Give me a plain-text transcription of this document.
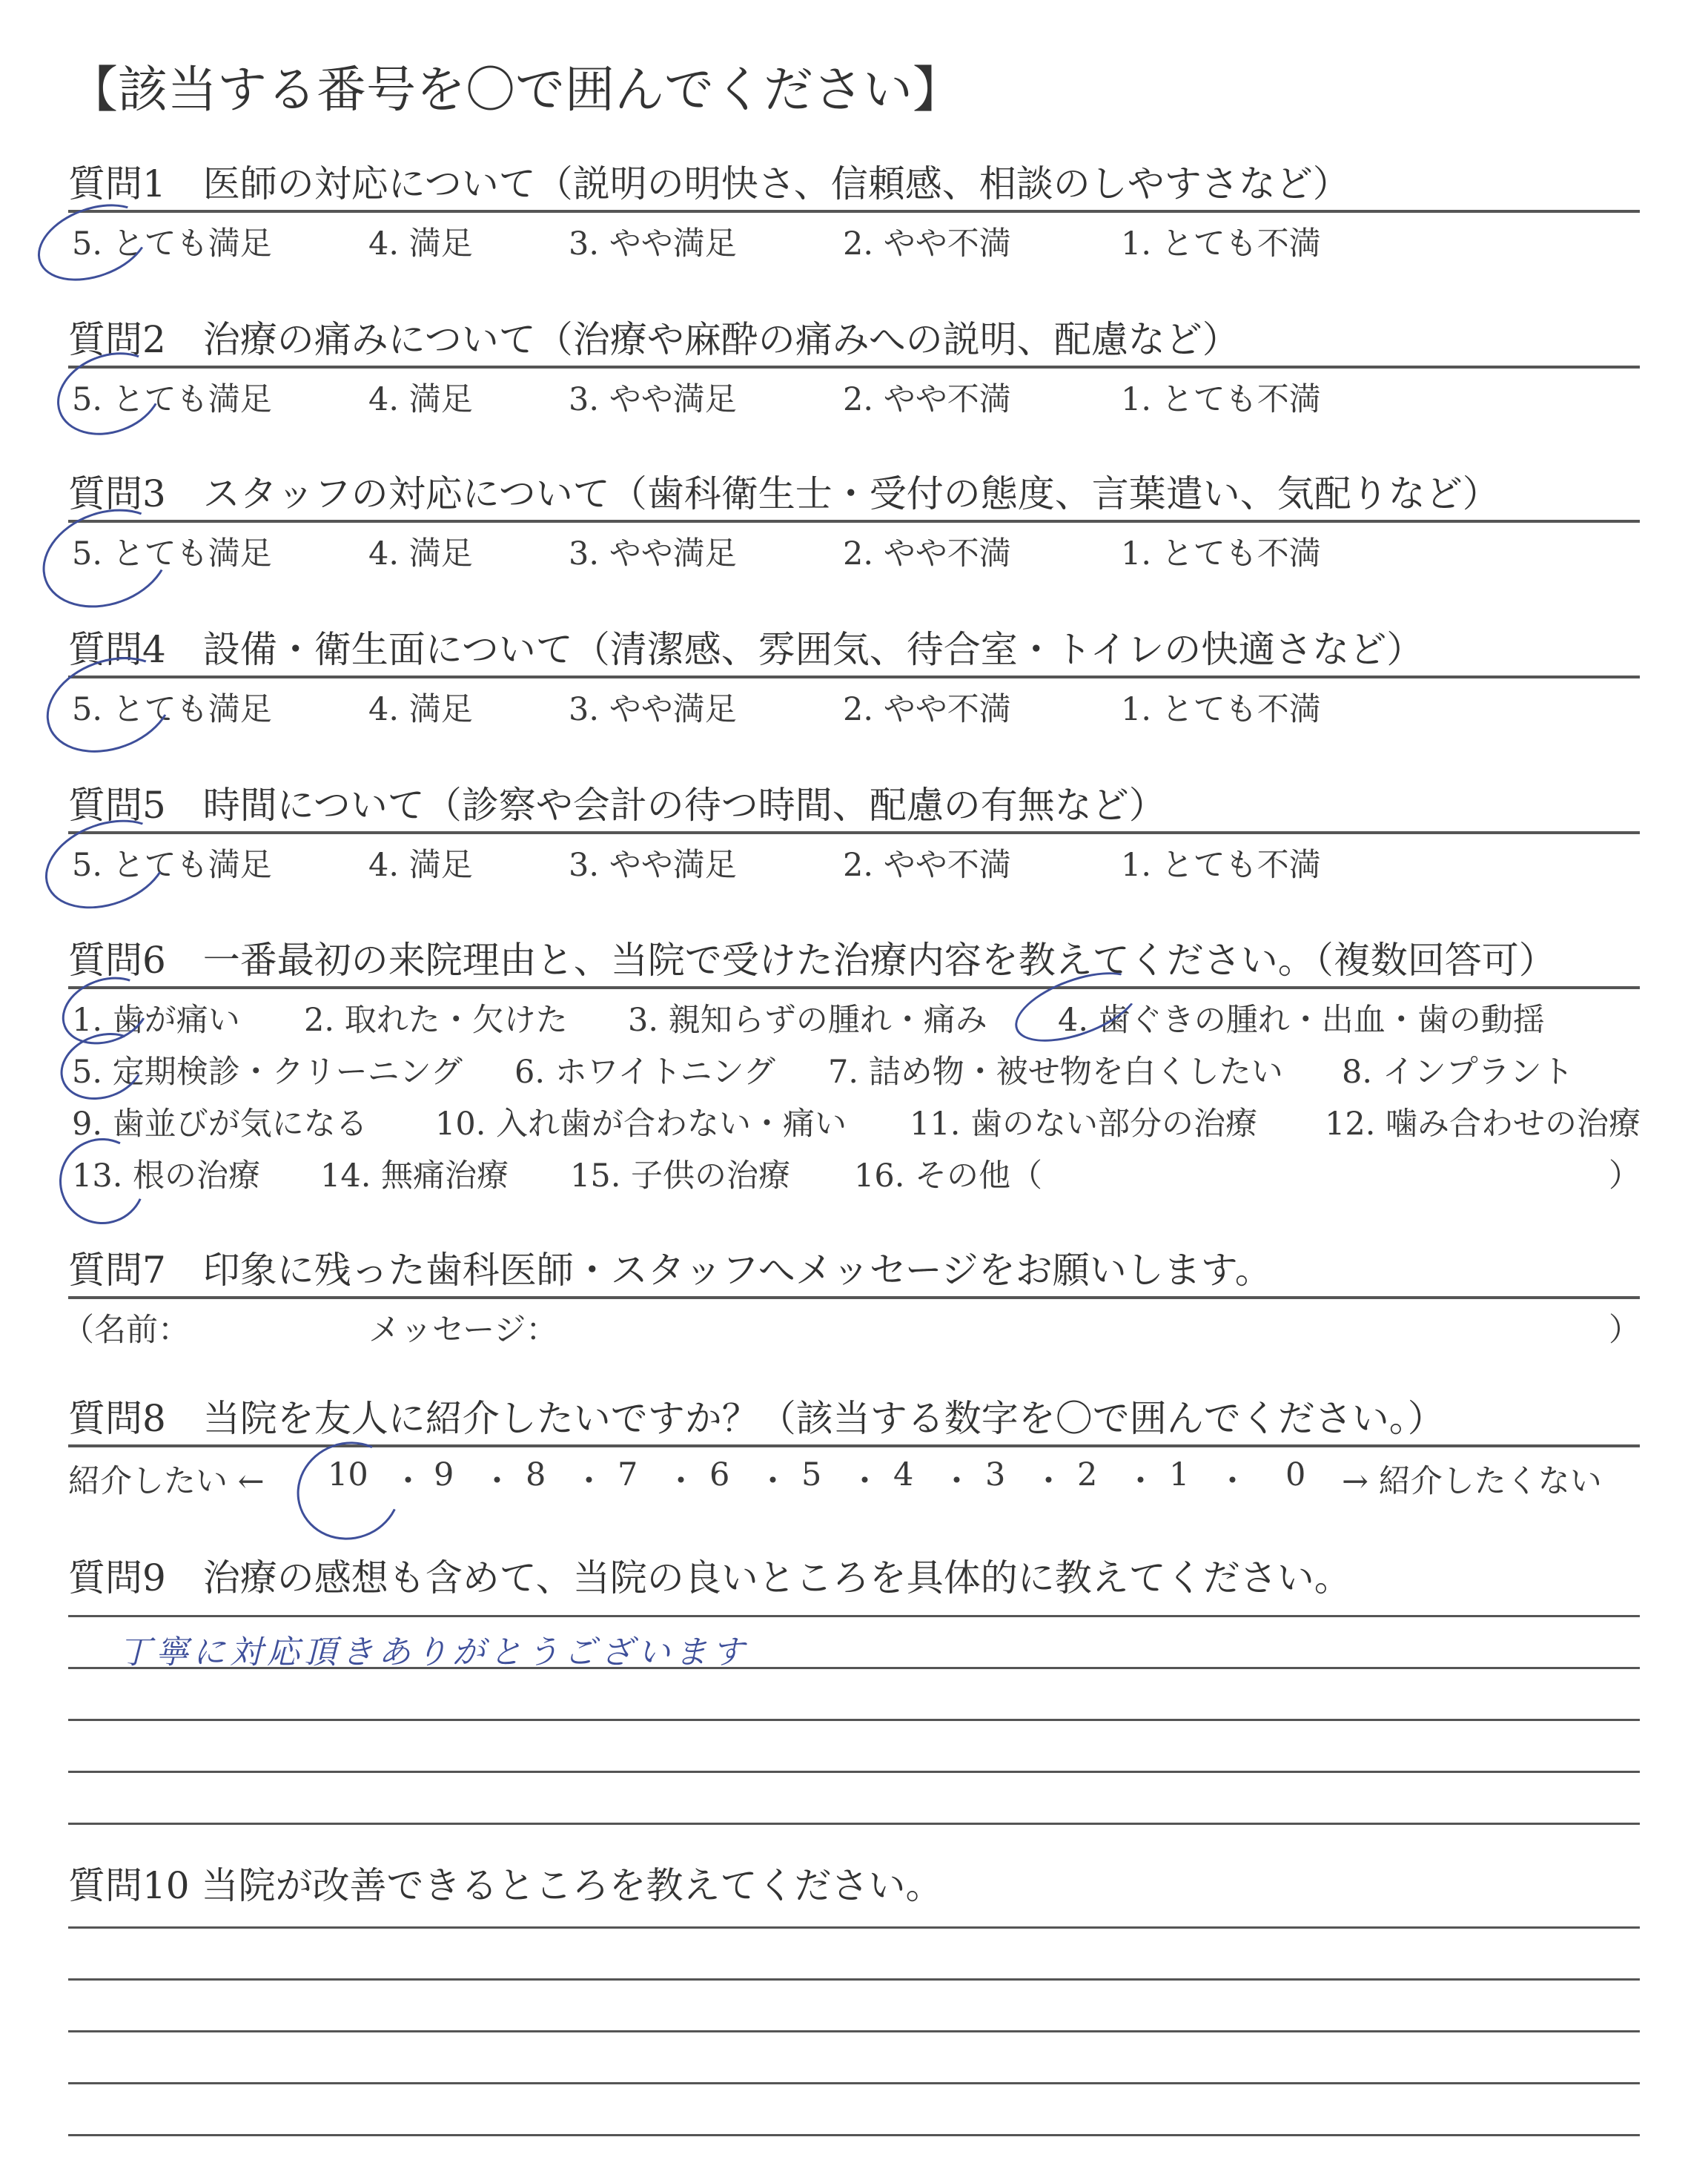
【該当する番号を〇で囲んでください】
質問1　医師の対応について（説明の明快さ、信頼感、相談のしやすさなど）
5. とても満足	4. 満足	3. やや満足	2. やや不満	1. とても不満
質問2　治療の痛みについて（治療や麻酔の痛みへの説明、配慮など）
5. とても満足	4. 満足	3. やや満足	2. やや不満	1. とても不満
質問3　スタッフの対応について（歯科衛生士・受付の態度、言葉遣い、気配りなど）
5. とても満足	4. 満足	3. やや満足	2. やや不満	1. とても不満
質問4　設備・衛生面について（清潔感、雰囲気、待合室・トイレの快適さなど）
5. とても満足	4. 満足	3. やや満足	2. やや不満	1. とても不満
質問5　時間について（診察や会計の待つ時間、配慮の有無など）
5. とても満足	4. 満足	3. やや満足	2. やや不満	1. とても不満
質問6　一番最初の来院理由と、当院で受けた治療内容を教えてください。（複数回答可）
1. 歯が痛い 2. 取れた・欠けた 3. 親知らずの腫れ・痛み 4. 歯ぐきの腫れ・出血・歯の動揺
5. 定期検診・クリーニング 6. ホワイトニング 7. 詰め物・被せ物を白くしたい 8. インプラント
9. 歯並びが気になる 10. 入れ歯が合わない・痛い 11. 歯のない部分の治療 12. 噛み合わせの治療
13. 根の治療 14. 無痛治療 15. 子供の治療 16. その他（	）
質問7　印象に残った歯科医師・スタッフへメッセージをお願いします。
（名前：	メッセージ：	）
質問8　当院を友人に紹介したいですか？（該当する数字を〇で囲んでください。）
紹介したい ← 10 ・ 9 ・ 8 ・ 7 ・ 6 ・ 5 ・ 4 ・ 3 ・ 2 ・ 1 ・ 0 → 紹介したくない
質問9　治療の感想も含めて、当院の良いところを具体的に教えてください。
丁寧に対応頂きありがとうございます
質問10 当院が改善できるところを教えてください。
